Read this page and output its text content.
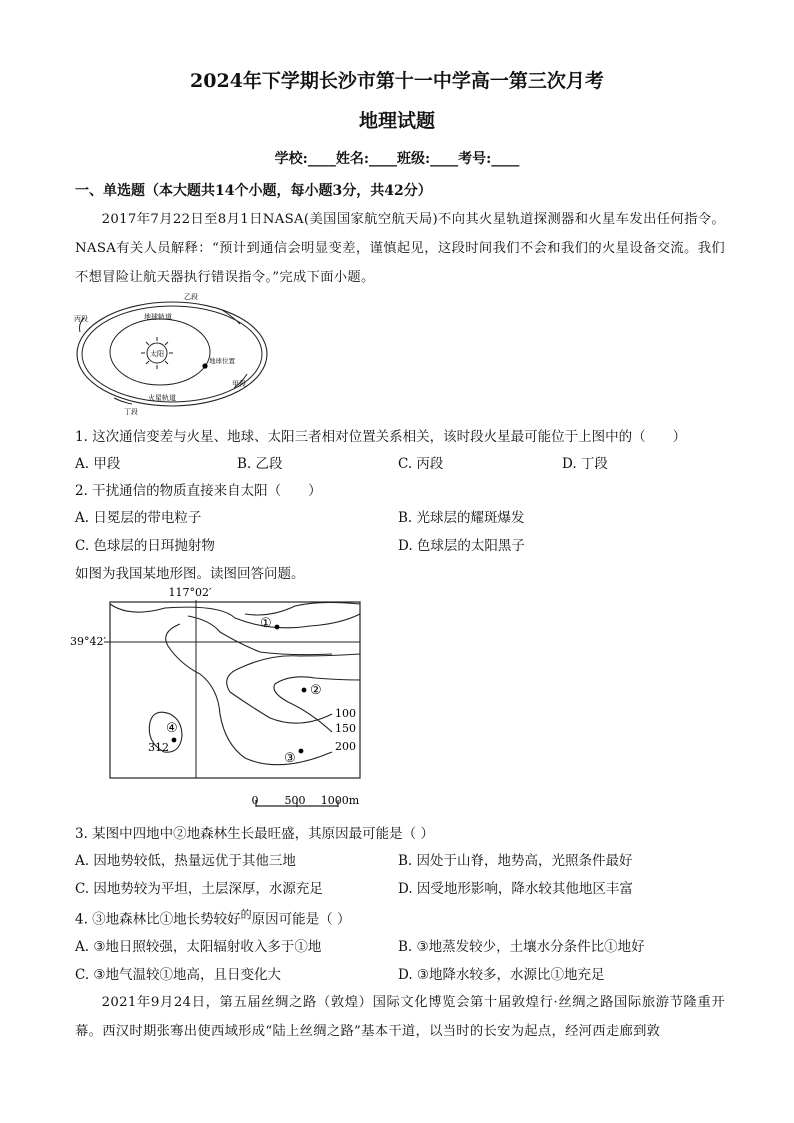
2024年下学期长沙市第十一中学高一第三次月考
地理试题
学校:____姓名:____班级:____考号:____
一、单选题（本大题共14个小题，每小题3分，共42分）
2017年7月22日至8月1日NASA(美国国家航空航天局)不向其火星轨道探测器和火星车发出任何指令。NASA有关人员解释：“预计到通信会明显变差，谨慎起见，这段时间我们不会和我们的火星设备交流。我们不想冒险让航天器执行错误指令。”完成下面小题。
太阳
地球轨道
地球位置
火星轨道
乙段
丙段
甲段
丁段
1. 这次通信变差与火星、地球、太阳三者相对位置关系相关，该时段火星最可能位于上图中的（　　）
A. 甲段	B. 乙段	C. 丙段	D. 丁段
2. 干扰通信的物质直接来自太阳（　　）
A. 日冕层的带电粒子	B. 光球层的耀斑爆发
C. 色球层的日珥抛射物	D. 色球层的太阳黑子
如图为我国某地形图。读图回答问题。
117°02′
39°42′
①
②
③
④
312
100
150
200
0 500 1000m
3. 某图中四地中②地森林生长最旺盛，其原因最可能是（ ）
A. 因地势较低，热量远优于其他三地	B. 因处于山脊，地势高，光照条件最好
C. 因地势较为平坦，土层深厚，水源充足	D. 因受地形影响，降水较其他地区丰富
4. ③地森林比①地长势较好$^的$原因可能是（ ）
A. ③地日照较强，太阳辐射收入多于①地	B. ③地蒸发较少，土壤水分条件比①地好
C. ③地气温较①地高，且日变化大	D. ③地降水较多，水源比①地充足
2021年9月24日，第五届丝绸之路（敦煌）国际文化博览会第十届敦煌行·丝绸之路国际旅游节隆重开幕。西汉时期张骞出使西域形成“陆上丝绸之路”基本干道，以当时的长安为起点，经河西走廊到敦
